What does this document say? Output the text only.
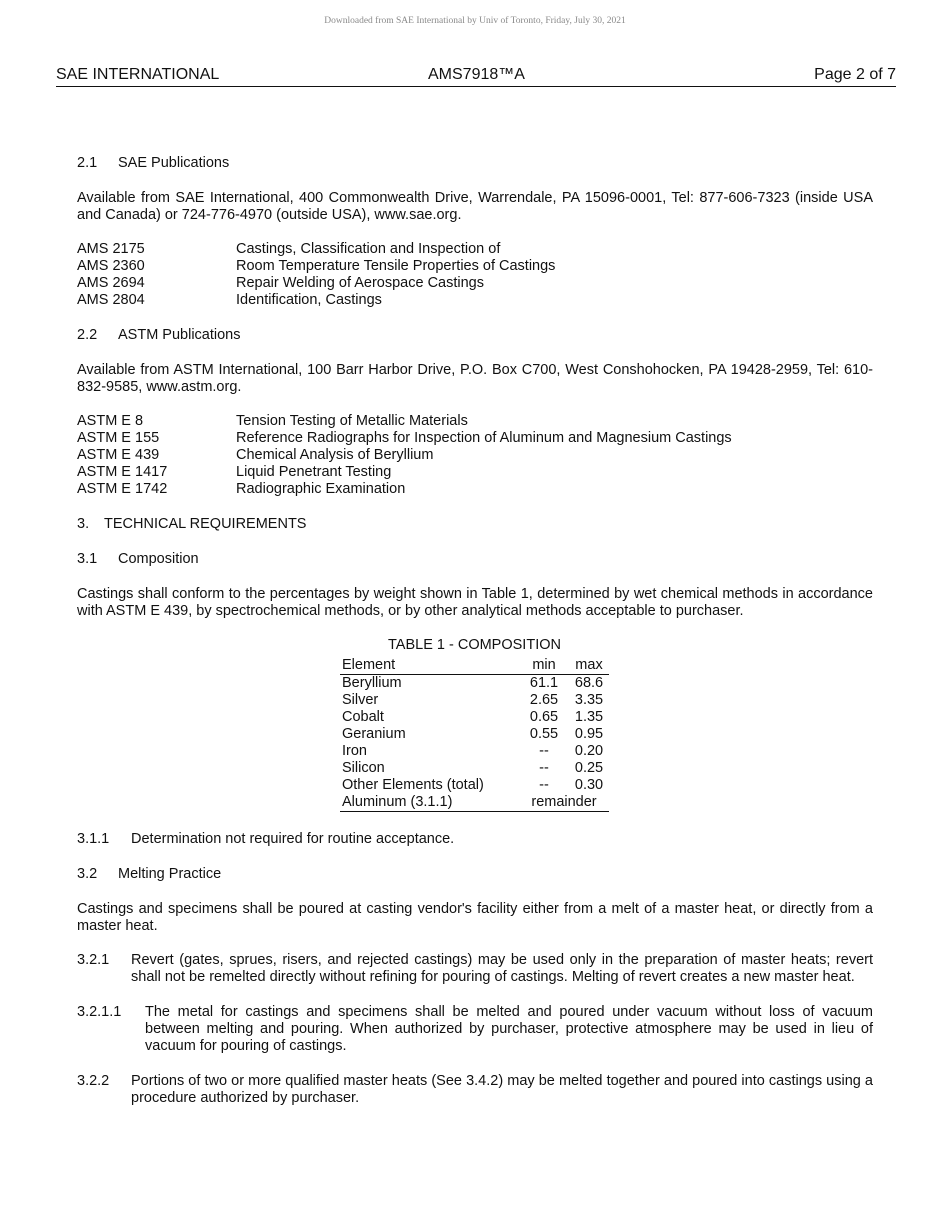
Downloaded from SAE International by Univ of Toronto, Friday, July 30, 2021
SAE INTERNATIONAL	AMS7918™A	Page 2 of 7
2.1 SAE Publications
Available from SAE International, 400 Commonwealth Drive, Warrendale, PA 15096-0001, Tel: 877-606-7323 (inside USA and Canada) or 724-776-4970 (outside USA), www.sae.org.
AMS 2175	Castings, Classification and Inspection of
AMS 2360	Room Temperature Tensile Properties of Castings
AMS 2694	Repair Welding of Aerospace Castings
AMS 2804	Identification, Castings
2.2 ASTM Publications
Available from ASTM International, 100 Barr Harbor Drive, P.O. Box C700, West Conshohocken, PA 19428-2959, Tel: 610-832-9585, www.astm.org.
ASTM E 8	Tension Testing of Metallic Materials
ASTM E 155	Reference Radiographs for Inspection of Aluminum and Magnesium Castings
ASTM E 439	Chemical Analysis of Beryllium
ASTM E 1417	Liquid Penetrant Testing
ASTM E 1742	Radiographic Examination
3. TECHNICAL REQUIREMENTS
3.1 Composition
Castings shall conform to the percentages by weight shown in Table 1, determined by wet chemical methods in accordance with ASTM E 439, by spectrochemical methods, or by other analytical methods acceptable to purchaser.
TABLE 1 - COMPOSITION
Element	min	max
Beryllium	61.1	68.6
Silver	2.65	3.35
Cobalt	0.65	1.35
Geranium	0.55	0.95
Iron	--	0.20
Silicon	--	0.25
Other Elements (total)	--	0.30
Aluminum (3.1.1)	remainder	
3.1.1 Determination not required for routine acceptance.
3.2 Melting Practice
Castings and specimens shall be poured at casting vendor's facility either from a melt of a master heat, or directly from a master heat.
3.2.1 Revert (gates, sprues, risers, and rejected castings) may be used only in the preparation of master heats; revert shall not be remelted directly without refining for pouring of castings. Melting of revert creates a new master heat.
3.2.1.1 The metal for castings and specimens shall be melted and poured under vacuum without loss of vacuum between melting and pouring. When authorized by purchaser, protective atmosphere may be used in lieu of vacuum for pouring of castings.
3.2.2 Portions of two or more qualified master heats (See 3.4.2) may be melted together and poured into castings using a procedure authorized by purchaser.
